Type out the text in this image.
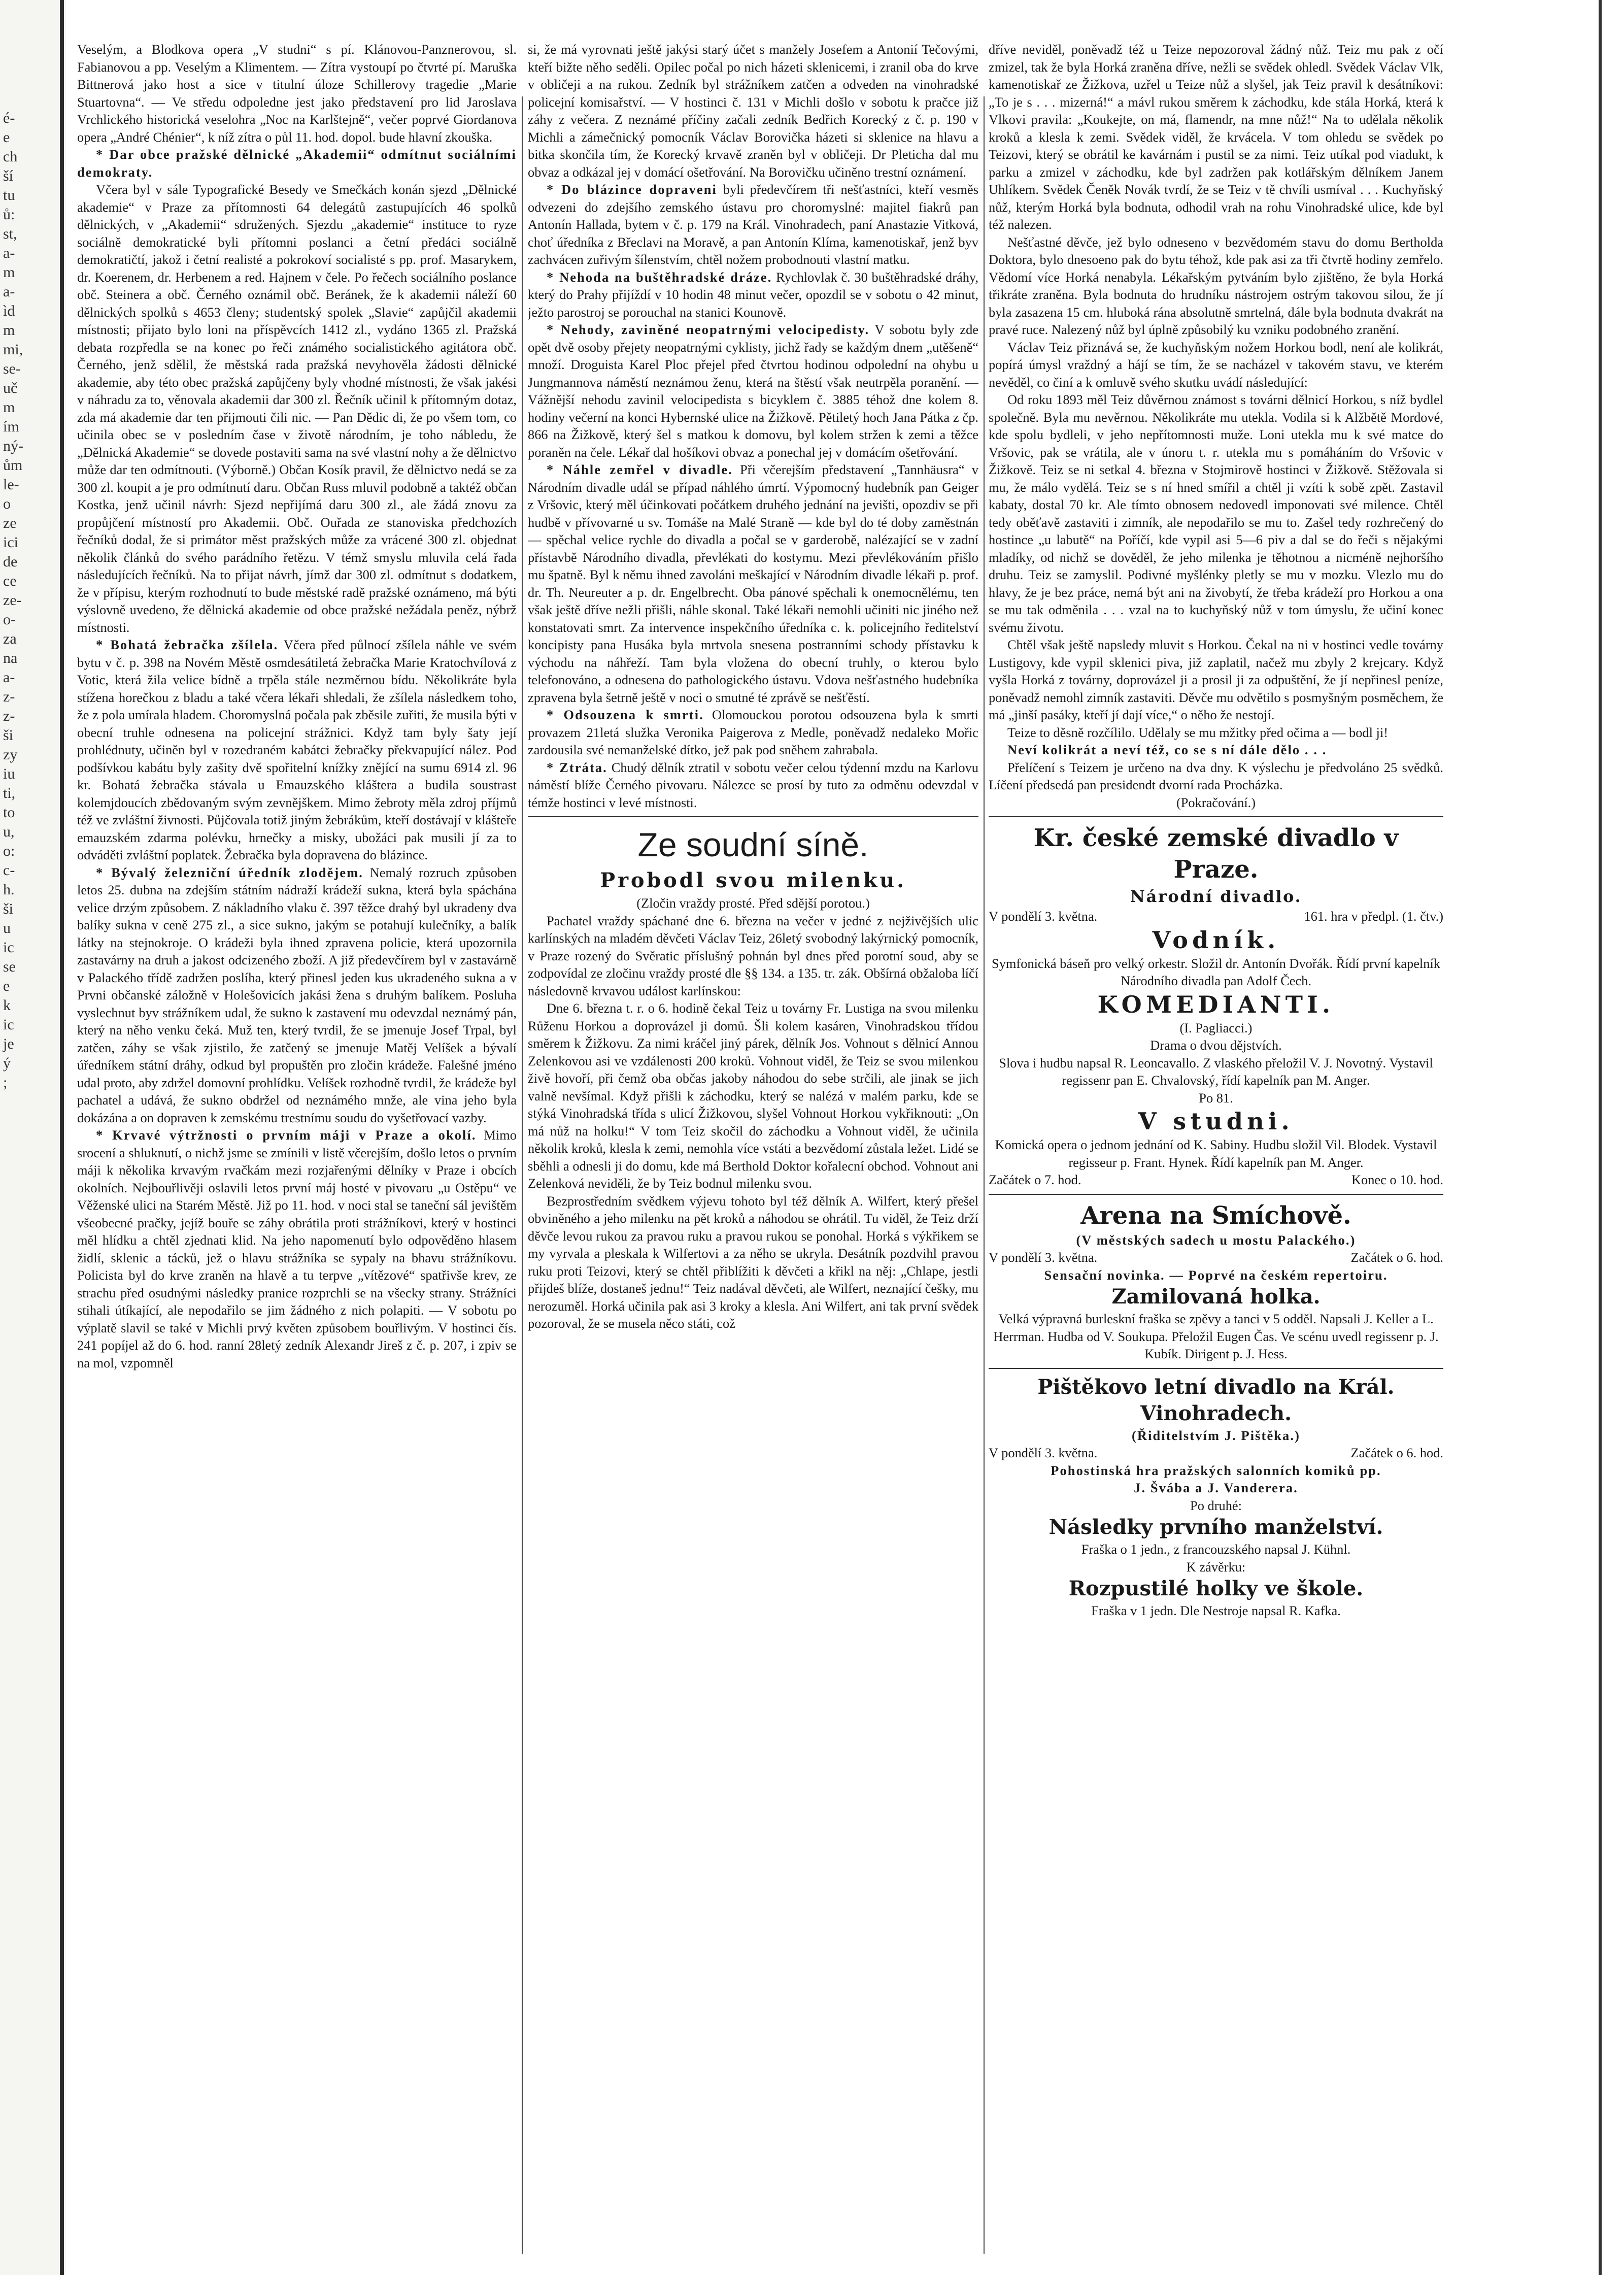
é-
e
ch
ší
tu
ů:
st,
a-
m
a-
ìd
m
mi,
se-
uč
m
ím
ný-
ům
le-
o
ze
ici
de
ce
ze-
o-
za
na
a-
z-
z-
ši
zy
iu
ti,
to
u,
o:
c-
h.
ši
u
ic
se
e
k
ic
je
ý
;

Veselým, a Blodkova opera „V studni“ s pí. Klánovou-Panznerovou, sl. Fabianovou a pp. Veselým a Klimentem. — Zítra vystoupí po čtvrté pí. Maruška Bittnerová jako host a sice v titulní úloze Schillerovy tragedie „Marie Stuartovna“. — Ve středu odpoledne jest jako představení pro lid Jaroslava Vrchlického historická veselohra „Noc na Karlštejně“, večer poprvé Giordanova opera „André Chénier“, k níž zítra o půl 11. hod. dopol. bude hlavní zkouška.

* Dar obce pražské dělnické „Akademii“ odmítnut sociálními demokraty.

Včera byl v sále Typografické Besedy ve Smečkách konán sjezd „Dělnické akademie“ v Praze za přítomnosti 64 delegátů zastupujících 46 spolků dělnických, v „Akademii“ sdružených. Sjezdu „akademie“ instituce to ryze sociálně demokratické byli přítomni poslanci a četní předáci sociálně demokratičtí, jakož i četní realisté a pokrokoví socialisté s pp. prof. Masarykem, dr. Koerenem, dr. Herbenem a red. Hajnem v čele. Po řečech sociálního poslance obč. Steinera a obč. Černého oznámil obč. Beránek, že k akademii náleží 60 dělnických spolků s 4653 členy; studentský spolek „Slavie“ zapůjčil akademii místnosti; přijato bylo loni na příspěvcích 1412 zl., vydáno 1365 zl. Pražská debata rozpředla se na konec po řeči známého socialistického agitátora obč. Černého, jenž sdělil, že městská rada pražská nevyhověla žádosti dělnické akademie, aby této obec pražská zapůjčeny byly vhodné místnosti, že však jakési v náhradu za to, věnovala akademii dar 300 zl. Řečník učinil k přítomným dotaz, zda má akademie dar ten přijmouti čili nic. — Pan Dědic di, že po všem tom, co učinila obec se v posledním čase v životě národním, je toho nábledu, že „Dělnická Akademie“ se dovede postaviti sama na své vlastní nohy a že dělnictvo může dar ten odmítnouti. (Výborně.) Občan Kosík pravil, že dělnictvo nedá se za 300 zl. koupit a je pro odmítnutí daru. Občan Russ mluvil podobně a taktéž občan Kostka, jenž učinil návrh: Sjezd nepřijímá daru 300 zl., ale žádá znovu za propůjčení místností pro Akademii. Obč. Ouřada ze stanoviska předchozích řečníků dodal, že si primátor měst pražských může za vrácené 300 zl. objednat několik článků do svého parádního řetězu. V témž smyslu mluvila celá řada následujících řečníků. Na to přijat návrh, jímž dar 300 zl. odmítnut s dodatkem, že v přípisu, kterým rozhodnutí to bude městské radě pražské oznámeno, má býti výslovně uvedeno, že dělnická akademie od obce pražské nežádala peněz, nýbrž místnosti.

* Bohatá žebračka zšílela. Včera před půlnocí zšílela náhle ve svém bytu v č. p. 398 na Novém Městě osmdesátiletá žebračka Marie Kratochvílová z Votic, která žila velice bídně a trpěla stále nezměrnou bídu. Několikráte byla stížena horečkou z bladu a také včera lékaři shledali, že zšílela následkem toho, že z pola umírala hladem. Choromyslná počala pak zběsile zuřiti, že musila býti v obecní truhle odnesena na policejní strážnici. Když tam byly šaty její prohlédnuty, učiněn byl v rozedraném kabátci žebračky překvapující nález. Pod podšívkou kabátu byly zašity dvě spořitelní knížky znějící na sumu 6914 zl. 96 kr. Bohatá žebračka stávala u Emauzského kláštera a budila soustrast kolemjdoucích zbědovaným svým zevnějškem. Mimo žebroty měla zdroj příjmů též ve zvláštní živnosti. Půjčovala totiž jiným žebrákům, kteří dostávají v klášteře emauzském zdarma polévku, hrnečky a misky, ubožáci pak musili jí za to odváděti zvláštní poplatek. Žebračka byla dopravena do blázince.

* Bývalý železniční úředník zlodějem. Nemalý rozruch způsoben letos 25. dubna na zdejším státním nádraží krádeží sukna, která byla spáchána velice drzým způsobem. Z nákladního vlaku č. 397 těžce drahý byl ukradeny dva balíky sukna v ceně 275 zl., a sice sukno, jakým se potahují kulečníky, a balík látky na stejnokroje. O krádeži byla ihned zpravena policie, která upozornila zastavárny na druh a jakost odcizeného zboží. A již předevčírem byl v zastavárně v Palackého třídě zadržen poslíha, který přinesl jeden kus ukradeného sukna a v Prvni občanské záložně v Holešovicích jakási žena s druhým balíkem. Posluha vyslechnut byv strážníkem udal, že sukno k zastavení mu odevzdal neznámý pán, který na něho venku čeká. Muž ten, který tvrdil, že se jmenuje Josef Trpal, byl zatčen, záhy se však zjistilo, že zatčený se jmenuje Matěj Velíšek a bývalí úředníkem státní dráhy, odkud byl propuštěn pro zločin krádeže. Falešné jméno udal proto, aby zdržel domovní prohlídku. Velíšek rozhodně tvrdil, že krádeže byl pachatel a udává, že sukno obdržel od neznámého mnže, ale vina jeho byla dokázána a on dopraven k zemskému trestnímu soudu do vyšetřovací vazby.

* Krvavé výtržnosti o prvním máji v Praze a okolí. Mimo srocení a shluknutí, o nichž jsme se zmínili v listě včerejším, došlo letos o prvním máji k několika krvavým rvačkám mezi rozjařenými dělníky v Praze i obcích okolních. Nejbouřlivěji oslavili letos první máj hosté v pivovaru „u Ostěpu“ ve Věženské ulici na Starém Městě. Již po 11. hod. v noci stal se taneční sál jevištěm všeobecné pračky, jejíž bouře se záhy obrátila proti strážníkovi, který v hostinci měl hlídku a chtěl zjednati klid. Na jeho napomenutí bylo odpověděno hlasem židlí, sklenic a tácků, jež o hlavu strážníka se sypaly na bhavu strážníkovu. Policista byl do krve zraněn na hlavě a tu terpve „vítězové“ spatřivše krev, ze strachu před osudnými následky pranice rozprchli se na všecky strany. Strážníci stihali útíkající, ale nepodařilo se jim žádného z nich polapiti. — V sobotu po výplatě slavil se také v Michli prvý květen způsobem bouřlivým. V hostinci čís. 241 popíjel až do 6. hod. ranní 28letý zedník Alexandr Jireš z č. p. 207, i zpiv se na mol, vzpomněl

si, že má vyrovnati ještě jakýsi starý účet s manžely Josefem a Antonií Tečovými, kteří bižte něho seděli. Opilec počal po nich házeti sklenicemi, i zranil oba do krve v obličeji a na rukou. Zedník byl strážníkem zatčen a odveden na vinohradské policejní komisařství. — V hostinci č. 131 v Michli došlo v sobotu k pračce již záhy z večera. Z neznámé příčiny začali zedník Bedřich Korecký z č. p. 190 v Michli a zámečnický pomocník Václav Borovička házeti si sklenice na hlavu a bitka skončila tím, že Korecký krvavě zraněn byl v obličeji. Dr Pleticha dal mu obvaz a odkázal jej v domácí ošetřování. Na Borovičku učiněno trestní oznámení.

* Do blázince dopraveni byli předevčírem tři nešťastníci, kteří vesměs odvezeni do zdejšího zemského ústavu pro choromyslné: majitel fiakrů pan Antonín Hallada, bytem v č. p. 179 na Král. Vinohradech, paní Anastazie Vitková, choť úředníka z Břeclavi na Moravě, a pan Antonín Klíma, kamenotiskař, jenž byv zachvácen zuřivým šílenstvím, chtěl nožem probodnouti vlastní matku.

* Nehoda na buštěhradské dráze. Rychlovlak č. 30 buštěhradské dráhy, který do Prahy přijíždí v 10 hodin 48 minut večer, opozdil se v sobotu o 42 minut, ježto parostroj se porouchal na stanici Kounově.

* Nehody, zaviněné neopatrnými velocipedisty. V sobotu byly zde opět dvě osoby přejety neopatrnými cyklisty, jichž řady se každým dnem „utěšeně“ množí. Droguista Karel Ploc přejel před čtvrtou hodinou odpolední na ohybu u Jungmannova náměstí neznámou ženu, která na štěstí však neutrpěla poranění. — Vážnější nehodu zavinil velocipedista s bicyklem č. 3885 téhož dne kolem 8. hodiny večerní na konci Hybernské ulice na Žižkově. Pětiletý hoch Jana Pátka z čp. 866 na Žižkově, který šel s matkou k domovu, byl kolem stržen k zemi a těžce poraněn na čele. Lékař dal hošíkovi obvaz a ponechal jej v domácím ošetřování.

* Náhle zemřel v divadle. Při včerejším představení „Tannhäusra“ v Národním divadle udál se případ náhlého úmrtí. Výpomocný hudebník pan Geiger z Vršovic, který měl účinkovati počátkem druhého jednání na jevišti, opozdiv se při hudbě v přívovarné u sv. Tomáše na Malé Straně — kde byl do té doby zaměstnán — spěchal velice rychle do divadla a počal se v garderobě, nalézající se v zadní přístavbě Národního divadla, převlékati do kostymu. Mezi převlékováním přišlo mu špatně. Byl k němu ihned zavoláni meškající v Národním divadle lékaři p. prof. dr. Th. Neureuter a p. dr. Engelbrecht. Oba pánové spěchali k onemocnělému, ten však ještě dříve nežli přišli, náhle skonal. Také lékaři nemohli učiniti nic jiného než konstatovati smrt. Za intervence inspekčního úředníka c. k. policejního ředitelství koncipisty pana Husáka byla mrtvola snesena postranními schody přístavku k východu na náhřeží. Tam byla vložena do obecní truhly, o kterou bylo telefonováno, a odnesena do pathologického ústavu. Vdova nešťastného hudebníka zpravena byla šetrně ještě v noci o smutné té zprávě se nešťěstí.

* Odsouzena k smrti. Olomouckou porotou odsouzena byla k smrti provazem 21letá služka Veronika Paigerova z Medle, poněvadž nedaleko Mořic zardousila své nemanželské dítko, jež pak pod sněhem zahrabala.

* Ztráta. Chudý dělník ztratil v sobotu večer celou týdenní mzdu na Karlovu náměstí blíže Černého pivovaru. Nálezce se prosí by tuto za odměnu odevzdal v témže hostinci v levé místnosti.

Ze soudní síně.
Probodl svou milenku.

(Zločin vraždy prosté. Před sdější porotou.)

Pachatel vraždy spáchané dne 6. března na večer v jedné z nejživějších ulic karlínských na mladém děvčeti Václav Teiz, 26letý svobodný lakýrnický pomocník, v Praze rozený do Svěratic příslušný pohnán byl dnes před porotní soud, aby se zodpovídal ze zločinu vraždy prosté dle §§ 134. a 135. tr. zák. Obšírná obžaloba líčí následovně krvavou událost karlínskou:

Dne 6. března t. r. o 6. hodině čekal Teiz u továrny Fr. Lustiga na svou milenku Růženu Horkou a doprovázel ji domů. Šli kolem kasáren, Vinohradskou třídou směrem k Žižkovu. Za nimi kráčel jiný párek, dělník Jos. Vohnout s dělnicí Annou Zelenkovou asi ve vzdálenosti 200 kroků. Vohnout viděl, že Teiz se svou milenkou živě hovoří, při čemž oba občas jakoby náhodou do sebe strčili, ale jinak se jich valně nevšímal. Když přišli k záchodku, který se nalézá v malém parku, kde se stýká Vinohradská třída s ulicí Žižkovou, slyšel Vohnout Horkou vykřiknouti: „On má nůž na holku!“ V tom Teiz skočil do záchodku a Vohnout viděl, že učinila několik kroků, klesla k zemi, nemohla více vstáti a bezvědomí zůstala ležet. Lidé se sběhli a odnesli ji do domu, kde má Berthold Doktor kořalecní obchod. Vohnout ani Zelenková neviděli, že by Teiz bodnul milenku svou.

Bezprostředním svědkem výjevu tohoto byl též dělník A. Wilfert, který přešel obviněného a jeho milenku na pět kroků a náhodou se ohrátil. Tu viděl, že Teiz drží děvče levou rukou za pravou ruku a pravou rukou se ponohal. Horká s výkřikem se my vyrvala a pleskala k Wilfertovi a za něho se ukryla. Desátník pozdvihl pravou ruku proti Teizovi, který se chtěl přiblížiti k děvčeti a křikl na něj: „Chlape, jestli přijdeš blíže, dostaneš jednu!“ Teiz nadával děvčeti, ale Wilfert, neznající češky, mu nerozuměl. Horká učinila pak asi 3 kroky a klesla. Ani Wilfert, ani tak první svědek pozoroval, že se musela něco státi, což

dříve neviděl, poněvadž též u Teize nepozoroval žádný nůž. Teiz mu pak z očí zmizel, tak že byla Horká zraněna dříve, nežli se svědek ohledl. Svědek Václav Vlk, kamenotiskař ze Žižkova, uzřel u Teize nůž a slyšel, jak Teiz pravil k desátníkovi: „To je s . . . mizerná!“ a mávl rukou směrem k záchodku, kde stála Horká, která k Vlkovi pravila: „Koukejte, on má, flamendr, na mne nůž!“ Na to udělala několik kroků a klesla k zemi. Svědek viděl, že krvácela. V tom ohledu se svědek po Teizovi, který se obrátil ke kavárnám i pustil se za nimi. Teiz utíkal pod viadukt, k parku a zmizel v záchodku, kde byl zadržen pak kotlářským dělníkem Janem Uhlíkem. Svědek Čeněk Novák tvrdí, že se Teiz v tě chvíli usmíval . . . Kuchyňský nůž, kterým Horká byla bodnuta, odhodil vrah na rohu Vinohradské ulice, kde byl též nalezen.

Nešťastné děvče, jež bylo odneseno v bezvědomém stavu do domu Bertholda Doktora, bylo dnesoeno pak do bytu téhož, kde pak asi za tři čtvrtě hodiny zemřelo. Vědomí více Horká nenabyla. Lékařským pytváním bylo zjištěno, že byla Horká třikráte zraněna. Byla bodnuta do hrudníku nástrojem ostrým takovou silou, že jí byla zasazena 15 cm. hluboká rána absolutně smrtelná, dále byla bodnuta dvakrát na pravé ruce. Nalezený nůž byl úplně způsobilý ku vzniku podobného zranění.

Václav Teiz přiznává se, že kuchyňským nožem Horkou bodl, není ale kolikrát, popírá úmysl vraždný a hájí se tím, že se nacházel v takovém stavu, ve kterém nevěděl, co činí a k omluvě svého skutku uvádí následující:

Od roku 1893 měl Teiz důvěrnou známost s továrni dělnicí Horkou, s níž bydlel společně. Byla mu nevěrnou. Několikráte mu utekla. Vodila si k Alžbětě Mordové, kde spolu bydleli, v jeho nepřítomnosti muže. Loni utekla mu k své matce do Vršovic, pak se vrátila, ale v únoru t. r. utekla mu s pomáháním do Vršovic v Žižkově. Teiz se ni setkal 4. března v Stojmirově hostinci v Žižkově. Stěžovala si mu, že málo vydělá. Teiz se s ní hned smířil a chtěl ji vzíti k sobě zpět. Zastavil kabaty, dostal 70 kr. Ale tímto obnosem nedovedl imponovati své milence. Chtěl tedy oběťavě zastaviti i zimník, ale nepodařilo se mu to. Zašel tedy rozhrečený do hostince „u labutě“ na Poříčí, kde vypil asi 5—6 piv a dal se do řeči s nějakými mladíky, od nichž se dověděl, že jeho milenka je těhotnou a nicméně nejhoršího druhu. Teiz se zamyslil. Podivné myšlénky pletly se mu v mozku. Vlezlo mu do hlavy, že je bez práce, nemá být ani na živobytí, že třeba krádeží pro Horkou a ona se mu tak odměnila . . . vzal na to kuchyňský nůž v tom úmyslu, že učiní konec svému životu.

Chtěl však ještě napsledy mluvit s Horkou. Čekal na ni v hostinci vedle továrny Lustigovy, kde vypil sklenici piva, již zaplatil, načež mu zbyly 2 krejcary. Když vyšla Horká z továrny, doprovázel ji a prosil ji za odpuštění, že jí nepřinesl peníze, poněvadž nemohl zimník zastaviti. Děvče mu odvětilo s posmyšným posměchem, že má „jinší pasáky, kteří jí dají více,“ o něho že nestojí.

Teize to děsně rozčílilo. Udělaly se mu mžitky před očima a — bodl ji!

Neví kolikrát a neví též, co se s ní dále dělo . . .

Přelíčení s Teizem je určeno na dva dny. K výslechu je předvoláno 25 svědků. Líčení předsedá pan presidendt dvorní rada Procházka.

(Pokračování.)

Kr. české zemské divadlo v Praze.
Národní divadlo.
V pondělí 3. května.	161. hra v předpl. (1. čtv.)
Vodník.

Symfonická báseň pro velký orkestr. Složil dr. Antonín Dvořák. Řídí první kapelník Národního divadla pan Adolf Čech.

KOMEDIANTI.

(I. Pagliacci.)

Drama o dvou dějstvích.

Slova i hudbu napsal R. Leoncavallo. Z vlaského přeložil V. J. Novotný. Vystavil regissenr pan E. Chvalovský, řídí kapelník pan M. Anger.

Po 81.

V studni.

Komická opera o jednom jednání od K. Sabiny. Hudbu složil Vil. Blodek. Vystavil regisseur p. Frant. Hynek. Řídí kapelník pan M. Anger.

Začátek o 7. hod.	Konec o 10. hod.
Arena na Smíchově.

(V městských sadech u mostu Palackého.)

V pondělí 3. května.	Začátek o 6. hod.

Sensační novinka. — Poprvé na českém repertoiru.

Zamilovaná holka.

Velká výpravná burleskní fraška se zpěvy a tanci v 5 odděl. Napsali J. Keller a L. Herrman. Hudba od V. Soukupa. Přeložil Eugen Čas. Ve scénu uvedl regissenr p. J. Kubík. Dirigent p. J. Hess.

Pištěkovo letní divadlo na Král. Vinohradech.

(Řiditelstvím J. Pištěka.)

V pondělí 3. května.	Začátek o 6. hod.

Pohostinská hra pražských salonních komiků pp.

J. Švába a J. Vanderera.

Po druhé:

Následky prvního manželství.

Fraška o 1 jedn., z francouzského napsal J. Kühnl.

K závěrku:

Rozpustilé holky ve škole.

Fraška v 1 jedn. Dle Nestroje napsal R. Kafka.
